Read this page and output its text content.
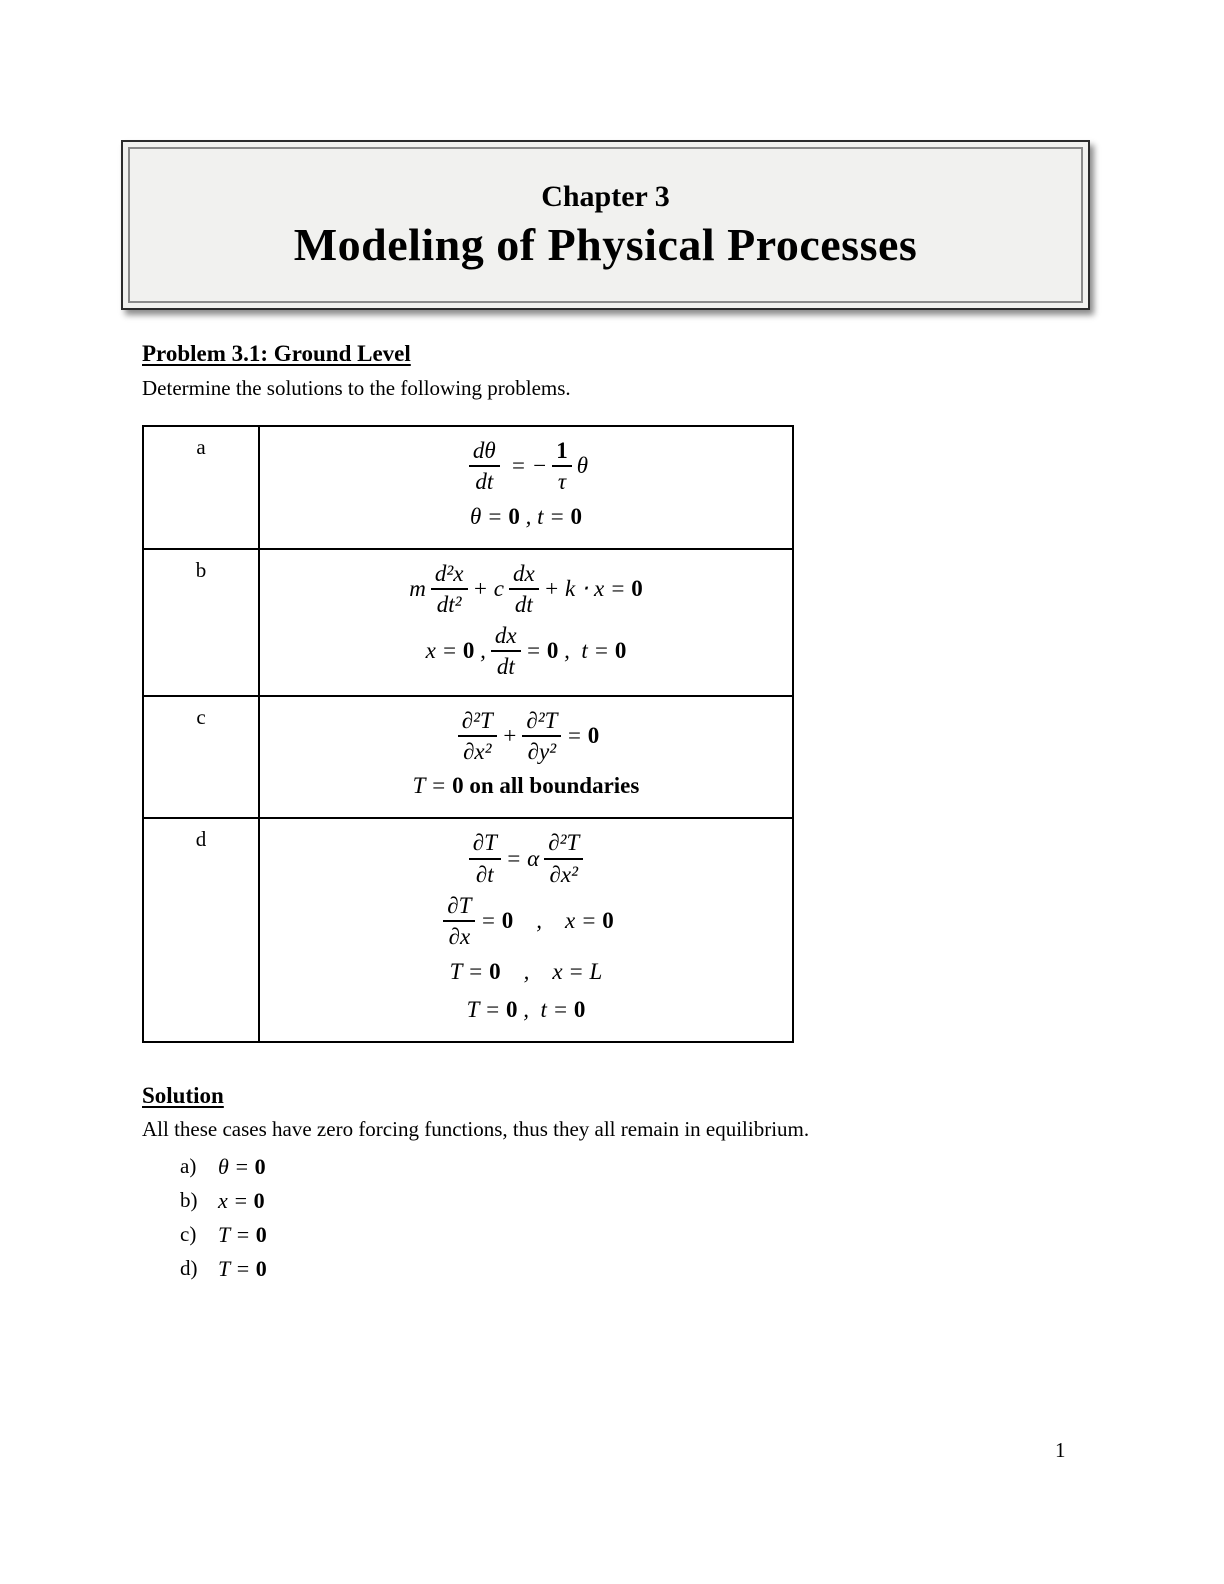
Chapter 3
Modeling of Physical Processes
Problem 3.1: Ground Level
Determine the solutions to the following problems.
a	$\frac{d\theta}{dt}$ = − $\frac{1}{\tau}$ θ
θ = 0 , t = 0
b
m $\frac{\text{d²x}}{\text{dt²}} + c \frac{dx}{dt} + k \cdot x = 0$
x = 0 , $\frac{dx}{dt} = 0$ ,  t = 0
c	$\frac{\text{∂²T}}{\text{∂x²}} + \frac{\text{∂²T}}{\text{∂y²}} = 0$
T = 0
on all boundaries
d	$\frac{\partial T}{\partial t} = \alpha \frac{\text{∂²T}}{\text{∂x²}}$
$\frac{\partial T}{\partial x} = 0$ ,    x = 0
T = 0 ,    x = L
T = 0 ,  t = 0
Solution
All these cases have zero forcing functions, thus they all remain in equilibrium.
a) θ = 0
b) x = 0
c) T = 0
d) T = 0
1
